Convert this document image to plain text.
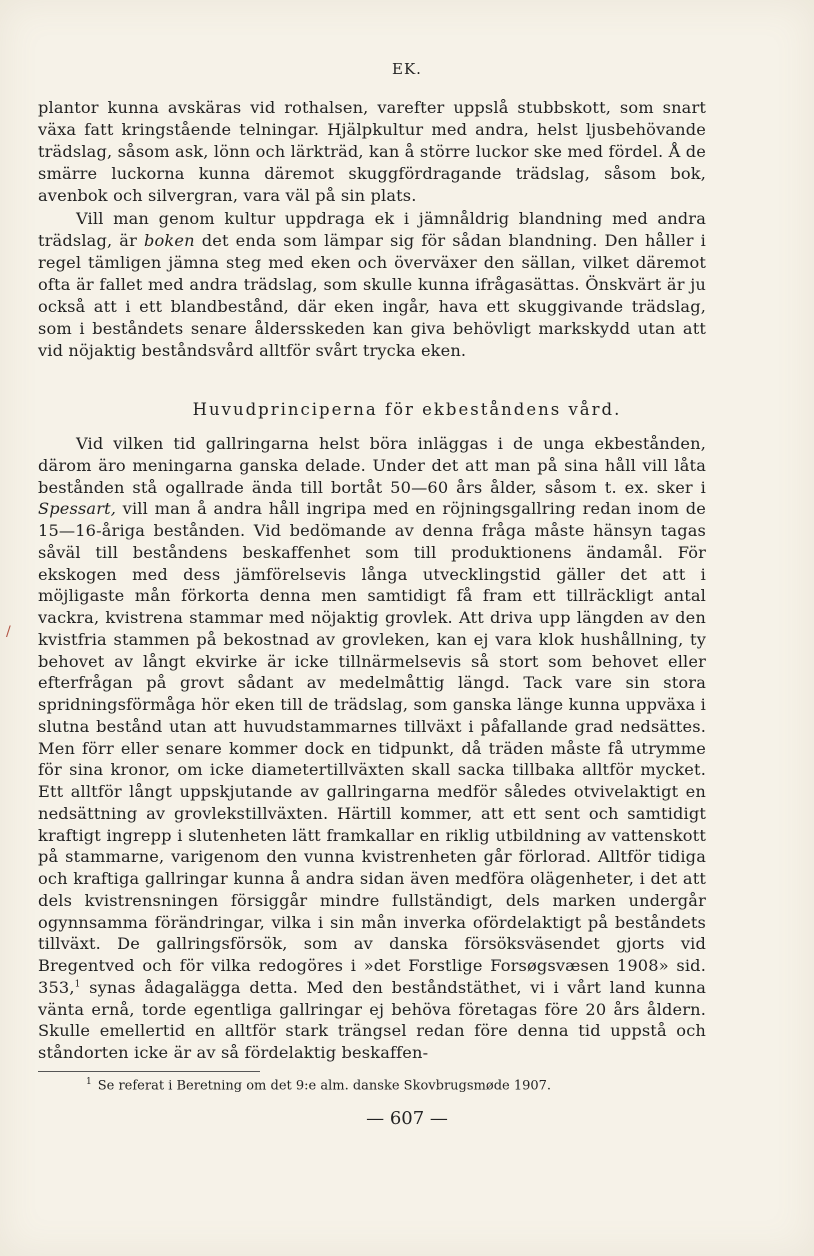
EK.

plantor kunna avskäras vid rothalsen, varefter uppslå stubbskott, som snart växa fatt kringstående telningar. Hjälpkultur med andra, helst ljusbehövande trädslag, såsom ask, lönn och lärkträd, kan å större luckor ske med fördel. Å de smärre luckorna kunna däremot skuggfördragande trädslag, såsom bok, avenbok och silvergran, vara väl på sin plats.

Vill man genom kultur uppdraga ek i jämnåldrig blandning med andra trädslag, är boken det enda som lämpar sig för sådan blandning. Den håller i regel tämligen jämna steg med eken och överväxer den sällan, vilket däremot ofta är fallet med andra trädslag, som skulle kunna ifrågasättas. Önskvärt är ju också att i ett blandbestånd, där eken ingår, hava ett skuggivande trädslag, som i beståndets senare åldersskeden kan giva behövligt markskydd utan att vid nöjaktig beståndsvård alltför svårt trycka eken.

Huvudprinciperna för ekbeståndens vård.

Vid vilken tid gallringarna helst böra inläggas i de unga ekbestånden, därom äro meningarna ganska delade. Under det att man på sina håll vill låta bestånden stå ogallrade ända till bortåt 50—60 års ålder, såsom t. ex. sker i Spessart, vill man å andra håll ingripa med en röjningsgallring redan inom de 15—16-åriga bestånden. Vid bedömande av denna fråga måste hänsyn tagas såväl till beståndens beskaffenhet som till produktionens ändamål. För ekskogen med dess jämförelsevis långa utvecklingstid gäller det att i möjligaste mån förkorta denna men samtidigt få fram ett tillräckligt antal vackra, kvistrena stammar med nöjaktig grovlek. Att driva upp längden av den kvistfria stammen på bekostnad av grovleken, kan ej vara klok hushållning, ty behovet av långt ekvirke är icke tillnärmelsevis så stort som behovet eller efterfrågan på grovt sådant av medelmåttig längd. Tack vare sin stora spridningsförmåga hör eken till de trädslag, som ganska länge kunna uppväxa i slutna bestånd utan att huvudstammarnes tillväxt i påfallande grad nedsättes. Men förr eller senare kommer dock en tidpunkt, då träden måste få utrymme för sina kronor, om icke diametertillväxten skall sacka tillbaka alltför mycket. Ett alltför långt uppskjutande av gallringarna medför således otvivelaktigt en nedsättning av grovlekstillväxten. Härtill kommer, att ett sent och samtidigt kraftigt ingrepp i slutenheten lätt framkallar en riklig utbildning av vattenskott på stammarne, varigenom den vunna kvistrenheten går förlorad. Alltför tidiga och kraftiga gallringar kunna å andra sidan även medföra olägenheter, i det att dels kvistrensningen försiggår mindre fullständigt, dels marken undergår ogynnsamma förändringar, vilka i sin mån inverka ofördelaktigt på beståndets tillväxt. De gallringsförsök, som av danska försöksväsendet gjorts vid Bregentved och för vilka redogöres i »det Forstlige Forsøgsvæsen 1908» sid. 353,$^1$ synas ådagalägga detta. Med den beståndstäthet, vi i vårt land kunna vänta ernå, torde egentliga gallringar ej behöva företagas före 20 års åldern. Skulle emellertid en alltför stark trängsel redan före denna tid uppstå och ståndorten icke är av så fördelaktig beskaffen-

/
$^1$ Se referat i Beretning om det 9:e alm. danske Skovbrugsmøde 1907.
— 607 —
